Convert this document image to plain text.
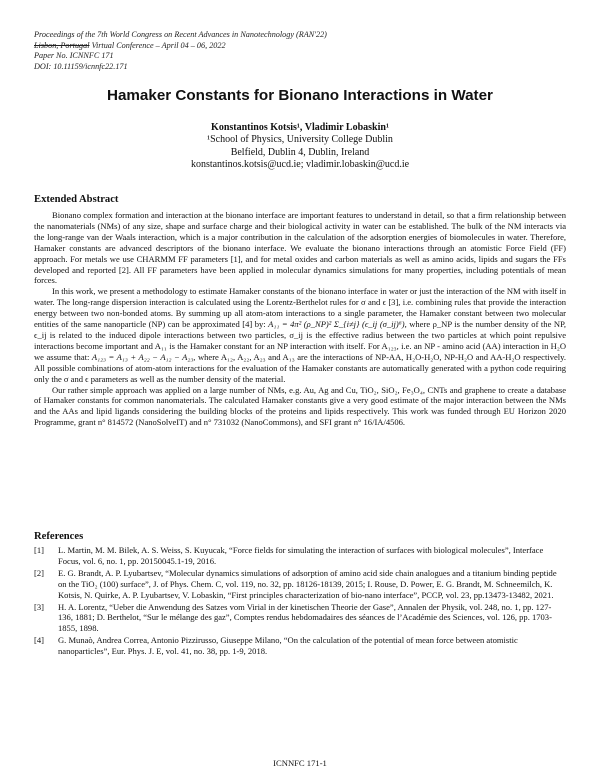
Proceedings of the 7th World Congress on Recent Advances in Nanotechnology (RAN'22)
Lisbon, Portugal Virtual Conference – April 04 – 06, 2022
Paper No. ICNNFC 171
DOI: 10.11159/icnnfc22.171
Hamaker Constants for Bionano Interactions in Water
Konstantinos Kotsis¹, Vladimir Lobaskin¹
¹School of Physics, University College Dublin
Belfield, Dublin 4, Dublin, Ireland
konstantinos.kotsis@ucd.ie; vladimir.lobaskin@ucd.ie
Extended Abstract

Bionano complex formation and interaction at the bionano interface are important features to understand in detail, so that a firm relationship between the nanomaterials (NMs) of any size, shape and surface charge and their biological activity in water can be established. The bulk of the NM interacts via the long-range van der Waals interaction, which is a major contribution in the calculation of the adsorption energies of biomolecules in water. Therefore, Hamaker constants are advanced descriptors of the bionano interface. We evaluate the bionano interactions through an atomistic Force Field (FF) approach. For metals we use CHARMM FF parameters [1], and for metal oxides and carbon materials as well as amino acids, lipids and sugars the FFs developed and reported [2]. All FF parameters have been applied in molecular dynamics simulations for many properties, including potentials of mean forces.

In this work, we present a methodology to estimate Hamaker constants of the bionano interface in water or just the interaction of the NM with itself in water. The long-range dispersion interaction is calculated using the Lorentz-Berthelot rules for σ and ϵ [3], i.e. combining rules that provide the interaction energy between two non-bonded atoms. By summing up all atom-atom interactions to a single parameter, the Hamaker constant between two molecular entities of the same nanoparticle (NP) can be approximated [4] by: A₁₁ = 4π² (ρ_NP)² Σ_{i≠j} (ϵ_ij (σ_ij)⁶), where ρ_NP is the number density of the NP, ϵ_ij is related to the induced dipole interactions between two particles, σ_ij is the effective radius between the two particles at which point repulsive interactions become important and A₁₁ is the Hamaker constant for an NP interaction with itself. For A₁₂₃, i.e. an NP - amino acid (AA) interaction in H₂O we assume that: A₁₂₃ = A₁₃ + A₂₂ − A₁₂ − A₂₃, where A₁₂, A₂₂, A₂₃ and A₁₃ are the interactions of NP-AA, H₂O-H₂O, NP-H₂O and AA-H₂O respectively. All possible combinations of atom-atom interactions for the evaluation of the Hamaker constants are automatically generated with a python code requiring only the σ and ϵ parameters as well as the number density of the material.

Our rather simple approach was applied on a large number of NMs, e.g. Au, Ag and Cu, TiO₂, SiO₂, Fe₃O₄, CNTs and graphene to create a database of Hamaker constants for common nanomaterials. The calculated Hamaker constants give a very good estimate of the major interaction between the NMs and the AAs and lipid ligands considering the building blocks of the proteins and lipids respectively. This work was funded through EU Horizon 2020 Programme, grant n° 814572 (NanoSolveIT) and n° 731032 (NanoCommons), and SFI grant n° 16/IA/4506.

References
[1]	L. Martin, M. M. Bilek, A. S. Weiss, S. Kuyucak, “Force fields for simulating the interaction of surfaces with biological molecules”, Interface Focus, vol. 6, no. 1, pp. 20150045.1-19, 2016.
[2]	E. G. Brandt, A. P. Lyubartsev, “Molecular dynamics simulations of adsorption of amino acid side chain analogues and a titanium binding peptide on the TiO₂ (100) surface”, J. of Phys. Chem. C, vol. 119, no. 32, pp. 18126-18139, 2015; I. Rouse, D. Power, E. G. Brandt, M. Schneemilch, K. Kotsis, N. Quirke, A. P. Lyubartsev, V. Lobaskin, “First principles characterization of bio-nano interface”, PCCP, vol. 23, pp.13473-13482, 2021.
[3]	H. A. Lorentz, “Ueber die Anwendung des Satzes vom Virial in der kinetischen Theorie der Gase”, Annalen der Physik, vol. 248, no. 1, pp. 127-136, 1881; D. Berthelot, “Sur le mélange des gaz”, Comptes rendus hebdomadaires des séances de l’Académie des Sciences, vol. 126, pp. 1703-1855, 1898.
[4]	G. Munaò, Andrea Correa, Antonio Pizzirusso, Giuseppe Milano, “On the calculation of the potential of mean force between atomistic nanoparticles”, Eur. Phys. J. E, vol. 41, no. 38, pp. 1-9, 2018.
ICNNFC 171-1
